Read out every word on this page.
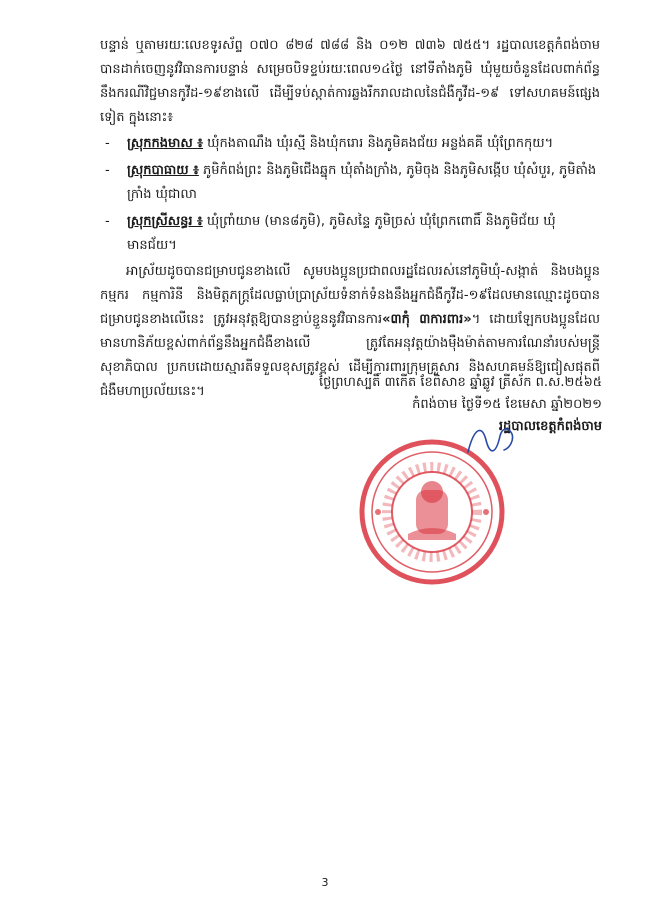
បន្ទាន់ ឬតាមរយៈលេខទូរស័ព្ទ ០៧០ ៨២៨ ៧៨៨ និង ០១២ ៧៣៦ ៧៥៥។ រដ្ឋបាលខេត្តកំពង់ចាម បានដាក់ចេញនូវវិធានការបន្ទាន់ សម្រេចបិទខ្ទប់រយៈពេល១៤ថ្ងៃ នៅទីតាំងភូមិ ឃុំមួយចំនួនដែលពាក់ព័ន្ធនឹងករណីវិជ្ជមានកូវីដ-១៩ខាងលើ ដើម្បីទប់ស្កាត់ការឆ្លងរីករាលដាលនៃជំងឺកូវីដ-១៩ ទៅសហគមន៍ផ្សេងទៀត ក្នុងនោះ៖

- ស្រុកកងមាស ៖ ឃុំកងតាណឹង ឃុំរស្មី និងឃុំករោរ និងភូមិគងជ័យ អន្លង់គគី ឃុំព្រែកកុយ។
- ស្រុកបាធាយ ៖ ភូមិកំពង់ព្រះ និងភូមិជើងឆ្នុក ឃុំតាំងក្រាំង, ភូមិចុង និងភូមិសង្កើប ឃុំសំបួរ, ភូមិតាំងក្រាំង ឃុំជាលា
- ស្រុកស្រីសន្ធរ ៖ ឃុំព្រាំយាម (មាន៨ភូមិ), ភូមិសន្ទៃ ភូមិច្រស់ ឃុំព្រែកពោធិ៍ និងភូមិជ័យ ឃុំមានជ័យ។

អាស្រ័យដូចបានជម្រាបជូនខាងលើ សូមបងប្អូនប្រជាពលរដ្ឋដែលរស់នៅភូមិឃុំ-សង្កាត់ និងបងប្អូនកម្មករ កម្មការិនី និងមិត្តភក្ត្រដែលធ្លាប់ប្រាស្រ័យទំនាក់ទំនងនឹងអ្នកជំងឺកូវីដ-១៩ដែលមានឈ្មោះដូចបានជម្រាបជូនខាងលើនេះ ត្រូវអនុវត្តឱ្យបានខ្ជាប់ខ្ជួននូវវិធានការ«៣កុំ ៣ការពារ»។ ដោយឡែកបងប្អូនដែលមានហានិភ័យខ្ពស់ពាក់ព័ន្ធនឹងអ្នកជំងឺខាងលើ ត្រូវតែអនុវត្តយ៉ាងម៉ឺងម៉ាត់តាមការណែនាំរបស់មន្ត្រីសុខាភិបាល ប្រកបដោយស្មារតីទទួលខុសត្រូវខ្ពស់ ដើម្បីការពារក្រុមគ្រួសារ និងសហគមន៍ឱ្យជៀសផុតពីជំងឺមហាប្រល័យនេះ។

ថ្ងៃព្រហស្បតិ៍ ៣កើត ខែពិសាខ ឆ្នាំឆ្លូវ ត្រីស័ក ព.ស.២៥៦៥

កំពង់ចាម ថ្ងៃទី១៥ ខែមេសា ឆ្នាំ២០២១

រដ្ឋបាលខេត្តកំពង់ចាម

3
